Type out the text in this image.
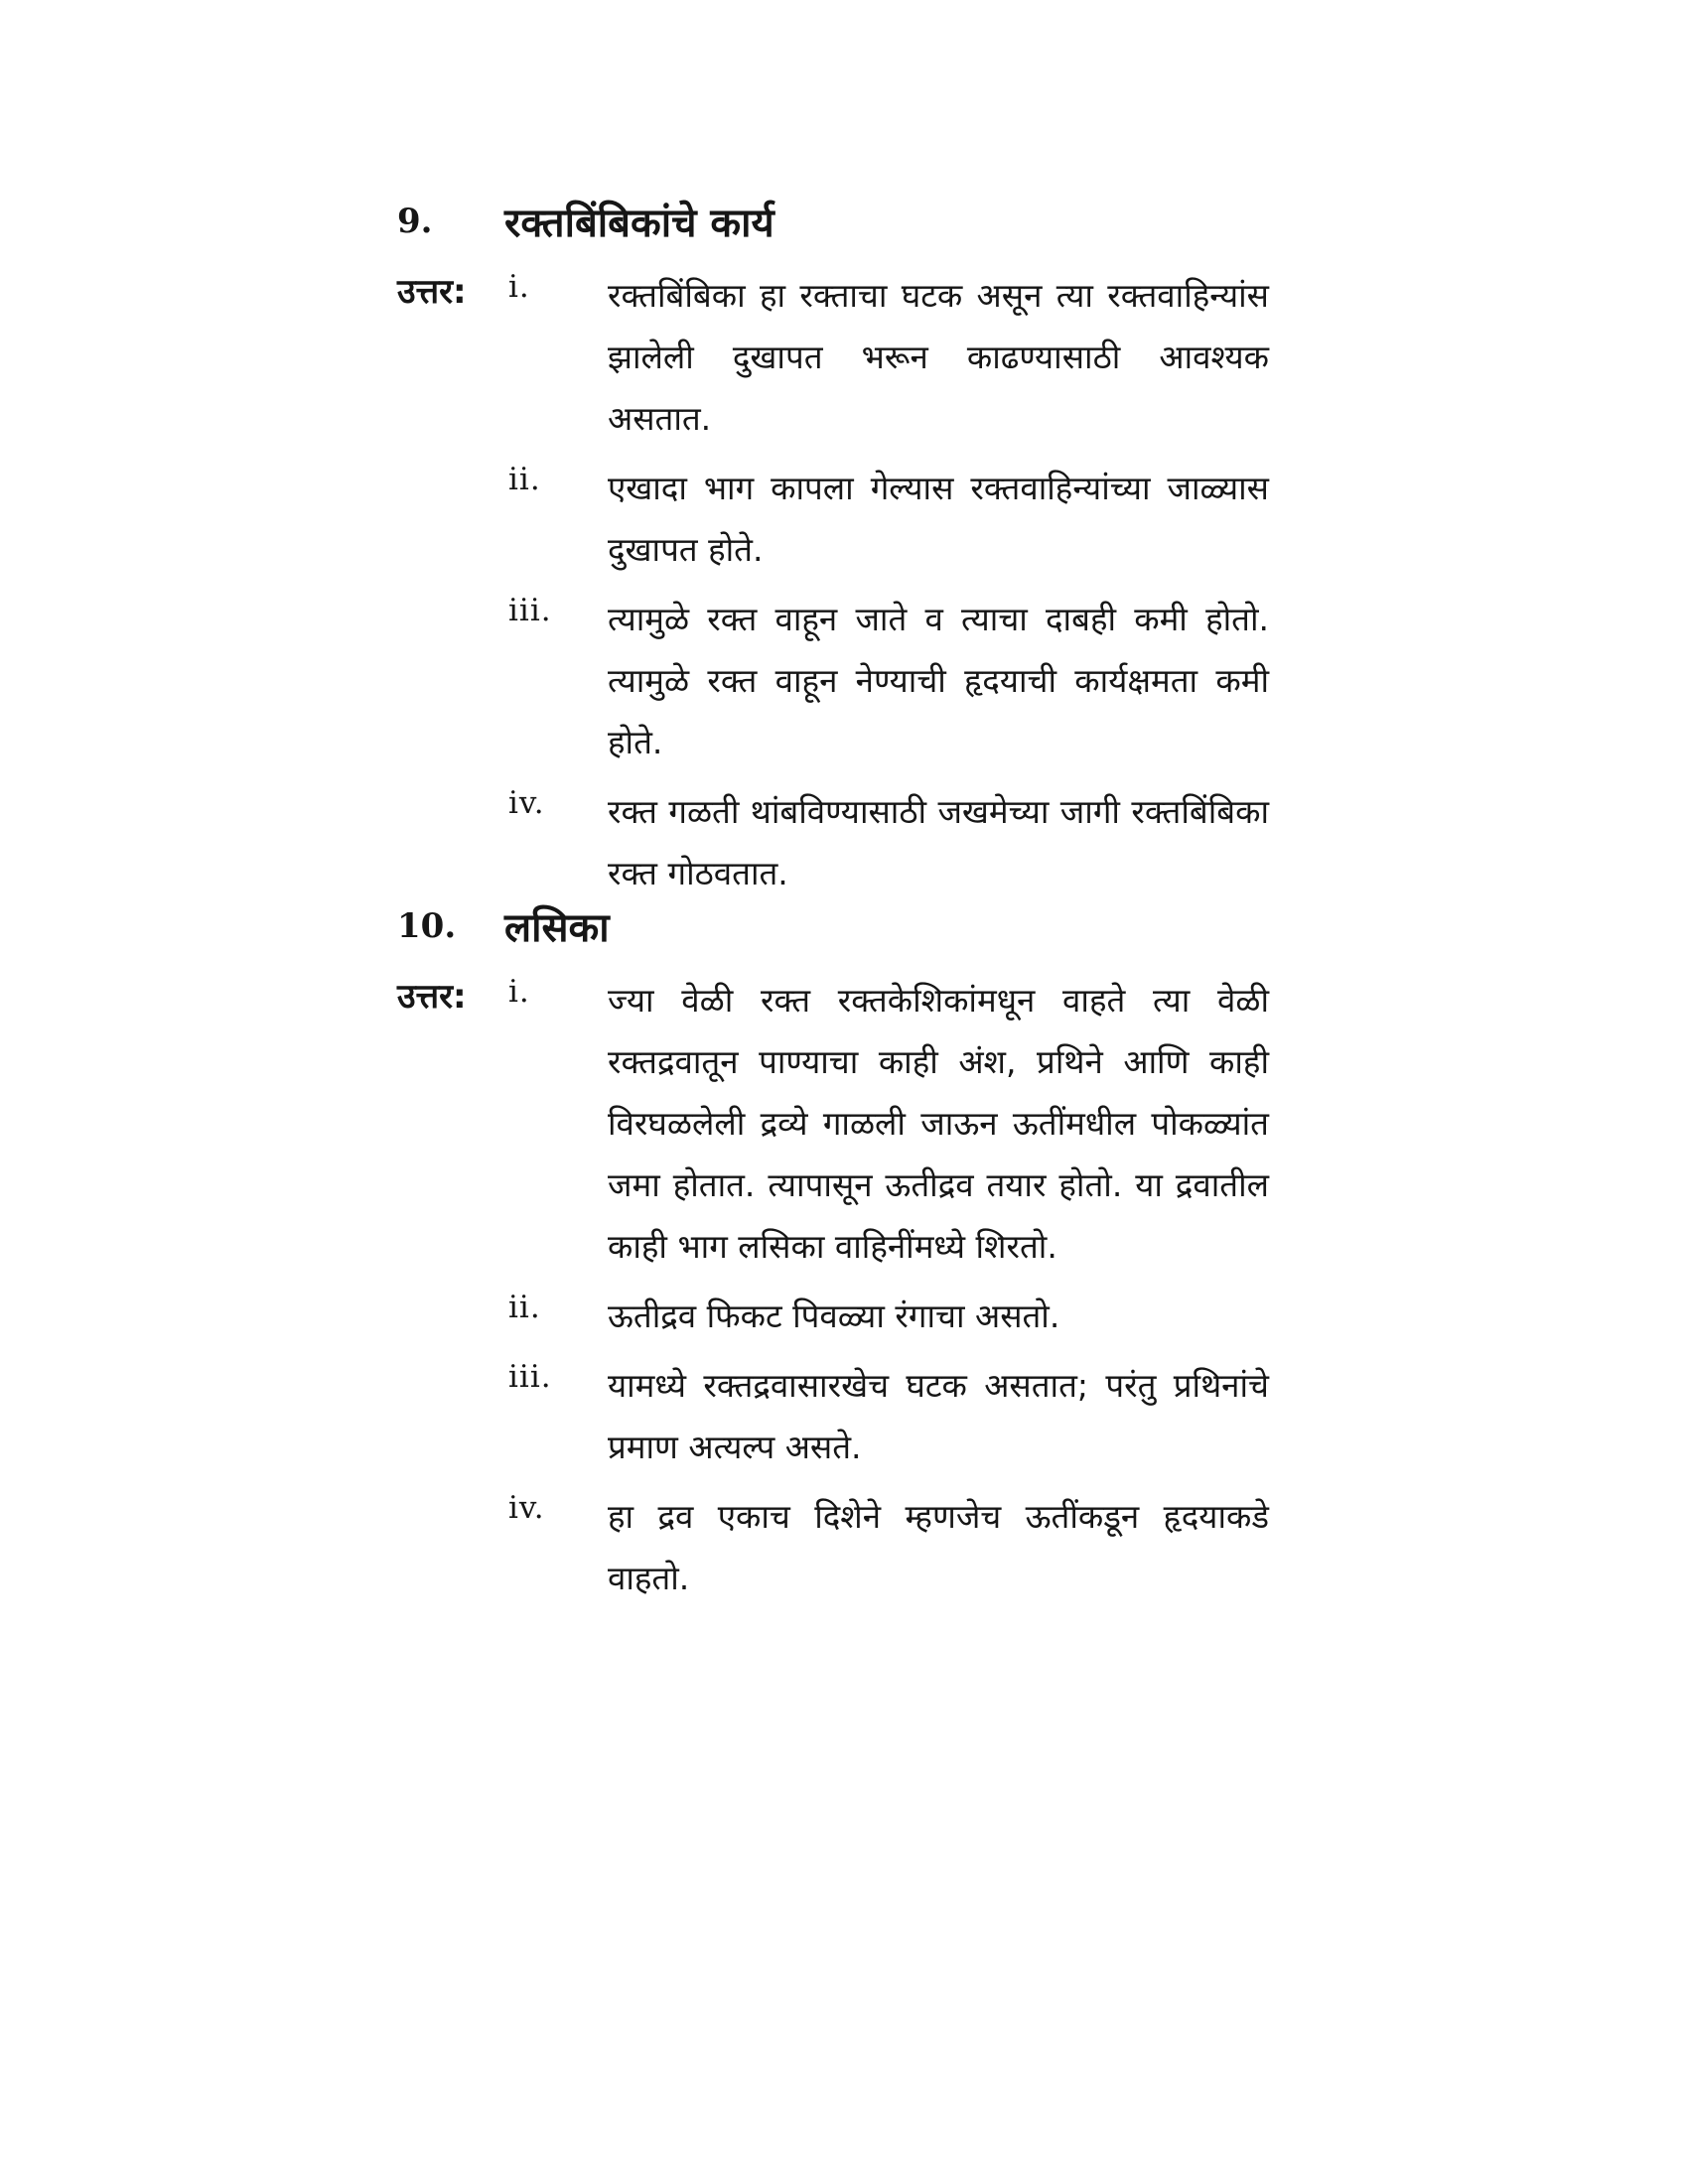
9. रक्तबिंबिकांचे कार्य
उत्तर: i. रक्तबिंबिका हा रक्ताचा घटक असून त्या रक्तवाहिन्यांस झालेली दुखापत भरून काढण्यासाठी आवश्यक असतात.
ii. एखादा भाग कापला गेल्यास रक्तवाहिन्यांच्या जाळ्यास दुखापत होते.
iii. त्यामुळे रक्त वाहून जाते व त्याचा दाबही कमी होतो. त्यामुळे रक्त वाहून नेण्याची हृदयाची कार्यक्षमता कमी होते.
iv. रक्त गळती थांबविण्यासाठी जखमेच्या जागी रक्तबिंबिका रक्त गोठवतात.
10. लसिका
उत्तर: i. ज्या वेळी रक्त रक्तकेशिकांमधून वाहते त्या वेळी रक्तद्रवातून पाण्याचा काही अंश, प्रथिने आणि काही विरघळलेली द्रव्ये गाळली जाऊन ऊतींमधील पोकळ्यांत जमा होतात. त्यापासून ऊतीद्रव तयार होतो. या द्रवातील काही भाग लसिका वाहिनींमध्ये शिरतो.
ii. ऊतीद्रव फिकट पिवळ्या रंगाचा असतो.
iii. यामध्ये रक्तद्रवासारखेच घटक असतात; परंतु प्रथिनांचे प्रमाण अत्यल्प असते.
iv. हा द्रव एकाच दिशेने म्हणजेच ऊतींकडून हृदयाकडे वाहतो.
